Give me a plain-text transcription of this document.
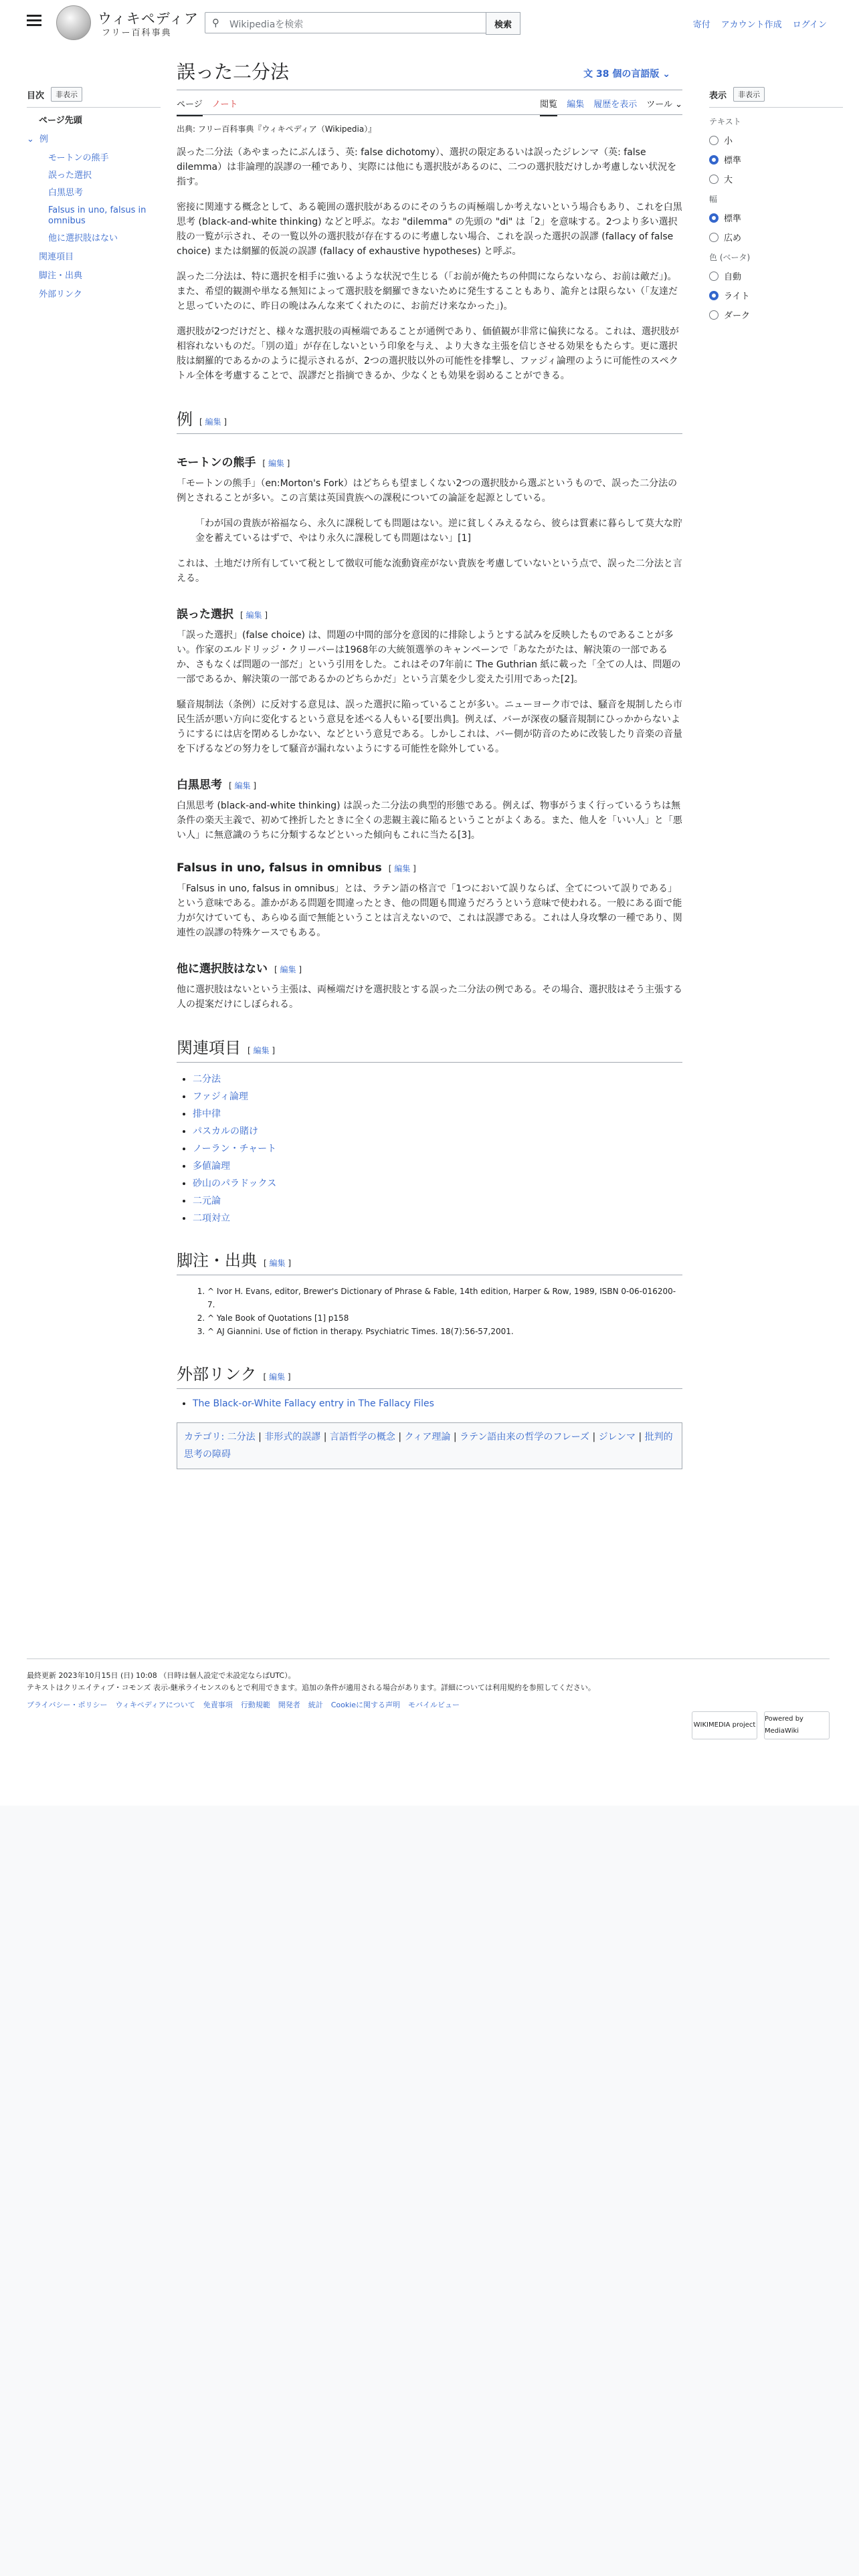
ウィキペディア
フリー百科事典
⚲ Wikipediaを検索	検索	寄付 アカウント作成 ログイン
目次	非表示
ページ先頭
⌄ 例
モートンの熊手
誤った選択
白黒思考
Falsus in uno, falsus in omnibus
他に選択肢はない
関連項目
脚注・出典
外部リンク
誤った二分法	文 38 個の言語版 ⌄
ページ ノート	閲覧 編集 履歴を表示 ツール ⌄
出典: フリー百科事典『ウィキペディア（Wikipedia）』

誤った二分法（あやまったにぶんほう、英: false dichotomy）、選択の限定あるいは誤ったジレンマ（英: false dilemma）は非論理的誤謬の一種であり、実際には他にも選択肢があるのに、二つの選択肢だけしか考慮しない状況を指す。

密接に関連する概念として、ある範囲の選択肢があるのにそのうちの両極端しか考えないという場合もあり、これを白黒思考 (black-and-white thinking) などと呼ぶ。なお "dilemma" の先頭の "di" は「2」を意味する。2つより多い選択肢の一覧が示され、その一覧以外の選択肢が存在するのに考慮しない場合、これを誤った選択の誤謬 (fallacy of false choice) または網羅的仮説の誤謬 (fallacy of exhaustive hypotheses) と呼ぶ。

誤った二分法は、特に選択を相手に強いるような状況で生じる（「お前が俺たちの仲間にならないなら、お前は敵だ」)。また、希望的観測や単なる無知によって選択肢を網羅できないために発生することもあり、詭弁とは限らない（「友達だと思っていたのに、昨日の晩はみんな来てくれたのに、お前だけ来なかった」)。

選択肢が2つだけだと、様々な選択肢の両極端であることが通例であり、価値観が非常に偏狭になる。これは、選択肢が相容れないものだ。「別の道」が存在しないという印象を与え、より大きな主張を信じさせる効果をもたらす。更に選択肢は網羅的であるかのように提示されるが、2つの選択肢以外の可能性を排撃し、ファジィ論理のように可能性のスペクトル全体を考慮することで、誤謬だと指摘できるか、少なくとも効果を弱めることができる。

例 [ 編集 ]
モートンの熊手 [ 編集 ]

「モートンの熊手」（en:Morton's Fork）はどちらも望ましくない2つの選択肢から選ぶというもので、誤った二分法の例とされることが多い。この言葉は英国貴族への課税についての論証を起源としている。

「わが国の貴族が裕福なら、永久に課税しても問題はない。逆に貧しくみえるなら、彼らは質素に暮らして莫大な貯金を蓄えているはずで、やはり永久に課税しても問題はない」[1]

これは、土地だけ所有していて税として徴収可能な流動資産がない貴族を考慮していないという点で、誤った二分法と言える。

誤った選択 [ 編集 ]

「誤った選択」(false choice) は、問題の中間的部分を意図的に排除しようとする試みを反映したものであることが多い。作家のエルドリッジ・クリーバーは1968年の大統領選挙のキャンペーンで「あなたがたは、解決策の一部であるか、さもなくば問題の一部だ」という引用をした。これはその7年前に The Guthrian 紙に載った「全ての人は、問題の一部であるか、解決策の一部であるかのどちらかだ」という言葉を少し変えた引用であった[2]。

騒音規制法（条例）に反対する意見は、誤った選択に陥っていることが多い。ニューヨーク市では、騒音を規制したら市民生活が悪い方向に変化するという意見を述べる人もいる[要出典]。例えば、バーが深夜の騒音規制にひっかからないようにするには店を閉めるしかない、などという意見である。しかしこれは、バー側が防音のために改装したり音楽の音量を下げるなどの努力をして騒音が漏れないようにする可能性を除外している。

白黒思考 [ 編集 ]

白黒思考 (black-and-white thinking) は誤った二分法の典型的形態である。例えば、物事がうまく行っているうちは無条件の楽天主義で、初めて挫折したときに全くの悲観主義に陥るということがよくある。また、他人を「いい人」と「悪い人」に無意識のうちに分類するなどといった傾向もこれに当たる[3]。

Falsus in uno, falsus in omnibus [ 編集 ]

「Falsus in uno, falsus in omnibus」とは、ラテン語の格言で「1つにおいて誤りならば、全てについて誤りである」という意味である。誰かがある問題を間違ったとき、他の問題も間違うだろうという意味で使われる。一般にある面で能力が欠けていても、あらゆる面で無能ということは言えないので、これは誤謬である。これは人身攻撃の一種であり、関連性の誤謬の特殊ケースでもある。

他に選択肢はない [ 編集 ]

他に選択肢はないという主張は、両極端だけを選択肢とする誤った二分法の例である。その場合、選択肢はそう主張する人の提案だけにしぼられる。

関連項目 [ 編集 ]
• 二分法
• ファジィ論理
• 排中律
• パスカルの賭け
• ノーラン・チャート
• 多値論理
• 砂山のパラドックス
• 二元論
• 二項対立
脚注・出典 [ 編集 ]
1. ^ Ivor H. Evans, editor, Brewer's Dictionary of Phrase & Fable, 14th edition, Harper & Row, 1989, ISBN 0-06-016200-7.
2. ^ Yale Book of Quotations [1] p158
3. ^ AJ Giannini. Use of fiction in therapy. Psychiatric Times. 18(7):56-57,2001.
外部リンク [ 編集 ]
• The Black-or-White Fallacy entry in The Fallacy Files
カテゴリ: 二分法 | 非形式的誤謬 | 言語哲学の概念 | クィア理論 | ラテン語由来の哲学のフレーズ | ジレンマ | 批判的思考の障碍
表示	非表示
テキスト
小
標準
大
幅
標準
広め
色 (ベータ)
自動
ライト
ダーク
最終更新 2023年10月15日 (日) 10:08 （日時は個人設定で未設定ならばUTC）。
テキストはクリエイティブ・コモンズ 表示-継承ライセンスのもとで利用できます。追加の条件が適用される場合があります。詳細については利用規約を参照してください。
プライバシー・ポリシー ウィキペディアについて 免責事項 行動規範 開発者 統計 Cookieに関する声明 モバイルビュー
WIKIMEDIA project
Powered by MediaWiki
